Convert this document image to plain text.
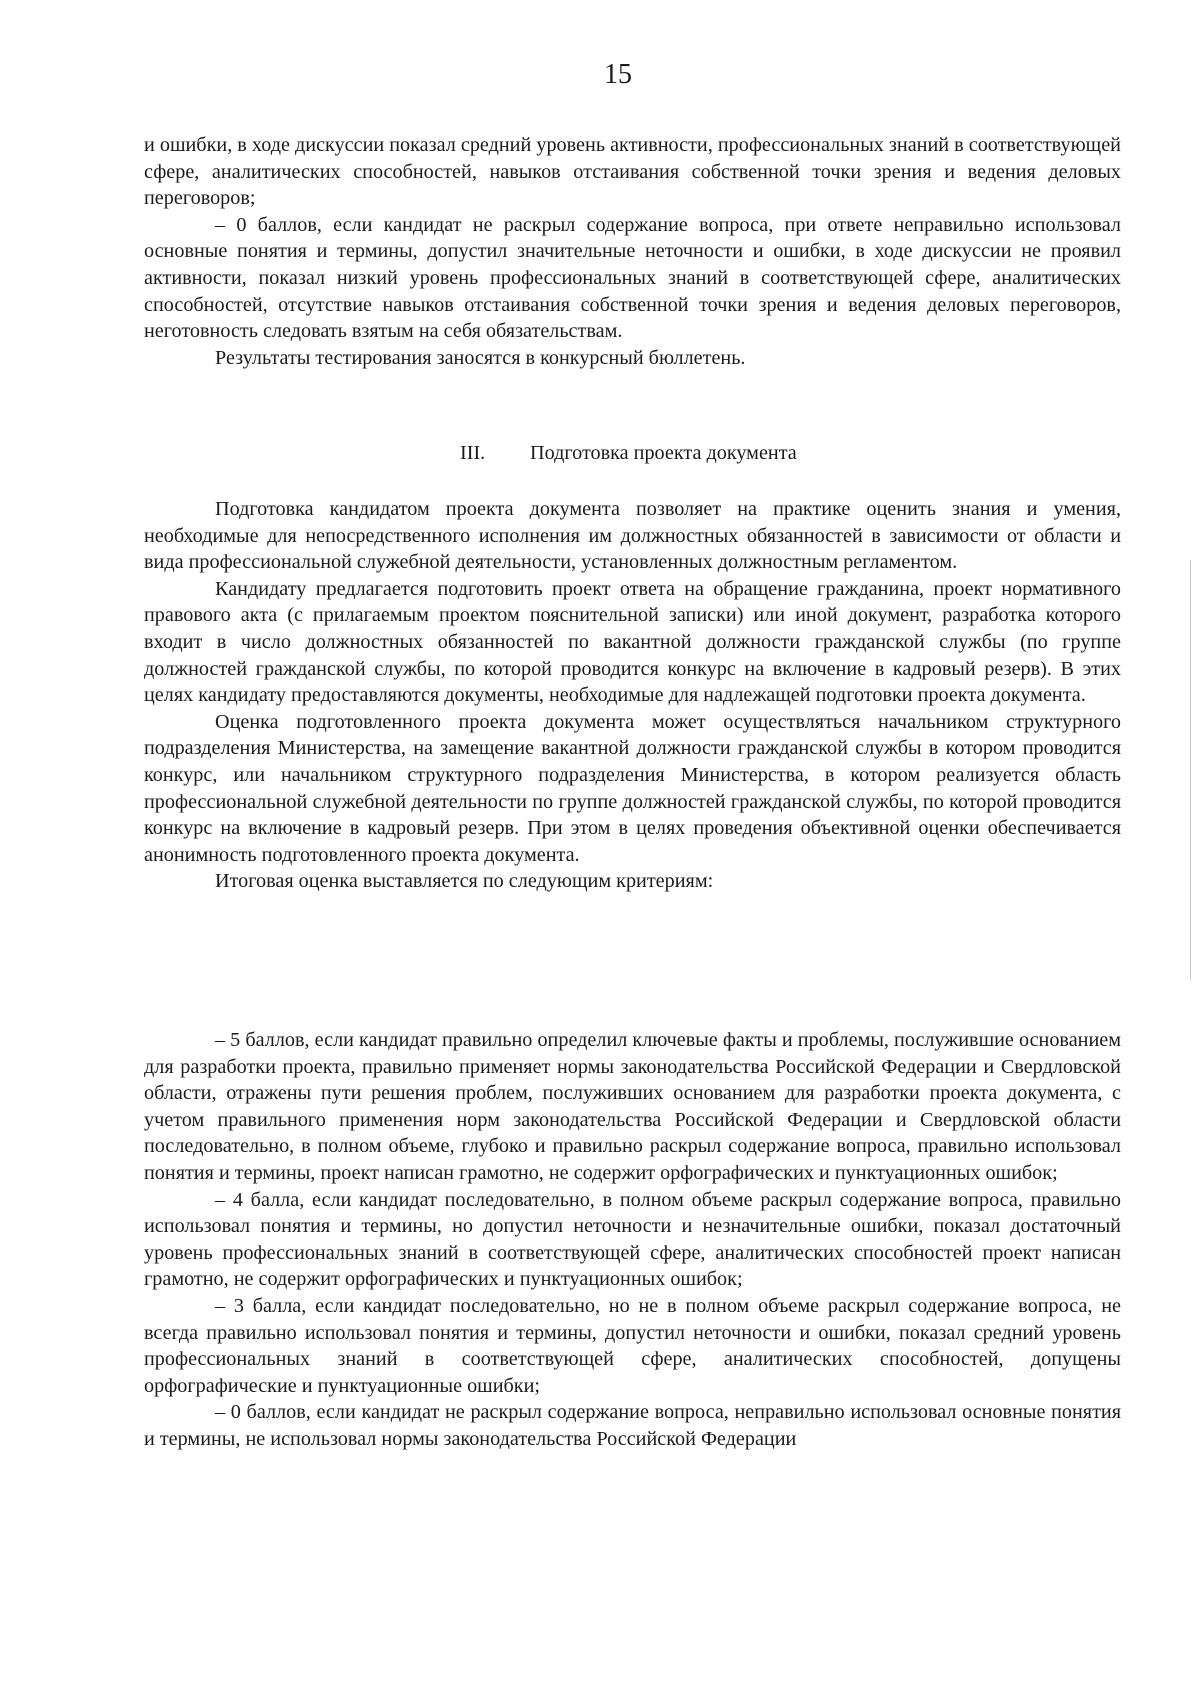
15

и ошибки, в ходе дискуссии показал средний уровень активности, профессиональных знаний в соответствующей сфере, аналитических способностей, навыков отстаивания собственной точки зрения и ведения деловых переговоров;

– 0 баллов, если кандидат не раскрыл содержание вопроса, при ответе неправильно использовал основные понятия и термины, допустил значительные неточности и ошибки, в ходе дискуссии не проявил активности, показал низкий уровень профессиональных знаний в соответствующей сфере, аналитических способностей, отсутствие навыков отстаивания собственной точки зрения и ведения деловых переговоров, неготовность следовать взятым на себя обязательствам.

Результаты тестирования заносятся в конкурсный бюллетень.

III. Подготовка проекта документа

Подготовка кандидатом проекта документа позволяет на практике оценить знания и умения, необходимые для непосредственного исполнения им должностных обязанностей в зависимости от области и вида профессиональной служебной деятельности, установленных должностным регламентом.

Кандидату предлагается подготовить проект ответа на обращение гражданина, проект нормативного правового акта (с прилагаемым проектом пояснительной записки) или иной документ, разработка которого входит в число должностных обязанностей по вакантной должности гражданской службы (по группе должностей гражданской службы, по которой проводится конкурс на включение в кадровый резерв). В этих целях кандидату предоставляются документы, необходимые для надлежащей подготовки проекта документа.

Оценка подготовленного проекта документа может осуществляться начальником структурного подразделения Министерства, на замещение вакантной должности гражданской службы в котором проводится конкурс, или начальником структурного подразделения Министерства, в котором реализуется область профессиональной служебной деятельности по группе должностей гражданской службы, по которой проводится конкурс на включение в кадровый резерв. При этом в целях проведения объективной оценки обеспечивается анонимность подготовленного проекта документа.

Итоговая оценка выставляется по следующим критериям:

– 5 баллов, если кандидат правильно определил ключевые факты и проблемы, послужившие основанием для разработки проекта, правильно применяет нормы законодательства Российской Федерации и Свердловской области, отражены пути решения проблем, послуживших основанием для разработки проекта документа, с учетом правильного применения норм законодательства Российской Федерации и Свердловской области последовательно, в полном объеме, глубоко и правильно раскрыл содержание вопроса, правильно использовал понятия и термины, проект написан грамотно, не содержит орфографических и пунктуационных ошибок;

– 4 балла, если кандидат последовательно, в полном объеме раскрыл содержание вопроса, правильно использовал понятия и термины, но допустил неточности и незначительные ошибки, показал достаточный уровень профессиональных знаний в соответствующей сфере, аналитических способностей проект написан грамотно, не содержит орфографических и пунктуационных ошибок;

– 3 балла, если кандидат последовательно, но не в полном объеме раскрыл содержание вопроса, не всегда правильно использовал понятия и термины, допустил неточности и ошибки, показал средний уровень профессиональных знаний в соответствующей сфере, аналитических способностей, допущены орфографические и пунктуационные ошибки;

– 0 баллов, если кандидат не раскрыл содержание вопроса, неправильно использовал основные понятия и термины, не использовал нормы законодательства Российской Федерации
